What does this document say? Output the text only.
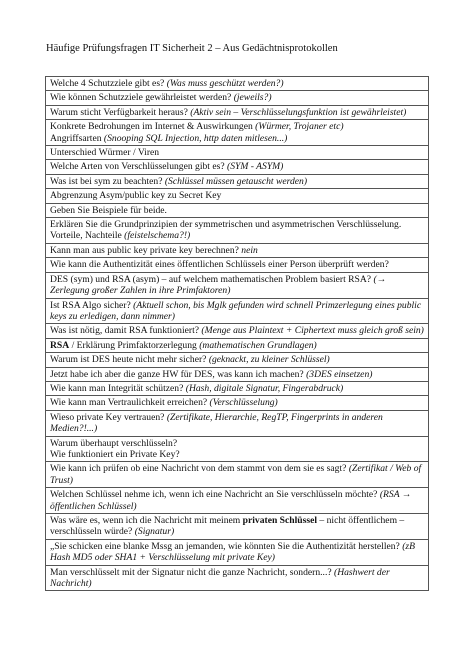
Häufige Prüfungsfragen IT Sicherheit 2 – Aus Gedächtnisprotokollen
Welche 4 Schutzziele gibt es? (Was muss geschützt werden?)
Wie können Schutzziele gewährleistet werden? (jeweils?)
Warum sticht Verfügbarkeit heraus? (Aktiv sein – Verschlüsselungsfunktion ist gewährleistet)
Konkrete Bedrohungen im Internet & Auswirkungen (Würmer, Trojaner etc)
Angriffsarten (Snooping SQL Injection, http daten mitlesen...)
Unterschied Würmer / Viren
Welche Arten von Verschlüsselungen gibt es? (SYM - ASYM)
Was ist bei sym zu beachten? (Schlüssel müssen getauscht werden)
Abgrenzung Asym/public key zu Secret Key
Geben Sie Beispiele für beide.
Erklären Sie die Grundprinzipien der symmetrischen und asymmetrischen Verschlüsselung. Vorteile, Nachteile (feistelschema?!)
Kann man aus public key private key berechnen? nein
Wie kann die Authentizität eines öffentlichen Schlüssels einer Person überprüft werden?
DES (sym) und RSA (asym) – auf welchem mathematischen Problem basiert RSA? (→ Zerlegung großer Zahlen in ihre Primfaktoren)
Ist RSA Algo sicher? (Aktuell schon, bis Mglk gefunden wird schnell Primzerlegung eines public keys zu erledigen, dann nimmer)
Was ist nötig, damit RSA funktioniert? (Menge aus Plaintext + Ciphertext muss gleich groß sein)
RSA / Erklärung Primfaktorzerlegung (mathematischen Grundlagen)
Warum ist DES heute nicht mehr sicher? (geknackt, zu kleiner Schlüssel)
Jetzt habe ich aber die ganze HW für DES, was kann ich machen? (3DES einsetzen)
Wie kann man Integrität schützen? (Hash, digitale Signatur, Fingerabdruck)
Wie kann man Vertraulichkeit erreichen? (Verschlüsselung)
Wieso private Key vertrauen? (Zertifikate, Hierarchie, RegTP, Fingerprints in anderen Medien?!...)
Warum überhaupt verschlüsseln?
Wie funktioniert ein Private Key?
Wie kann ich prüfen ob eine Nachricht von dem stammt von dem sie es sagt? (Zertifikat / Web of Trust)
Welchen Schlüssel nehme ich, wenn ich eine Nachricht an Sie verschlüsseln möchte? (RSA → öffentlichen Schlüssel)
Was wäre es, wenn ich die Nachricht mit meinem privaten Schlüssel – nicht öffentlichem – verschlüsseln würde? (Signatur)
„Sie schicken eine blanke Mssg an jemanden, wie könnten Sie die Authentizität herstellen? (zB Hash MD5 oder SHA1 + Verschlüsselung mit private Key)
Man verschlüsselt mit der Signatur nicht die ganze Nachricht, sondern...? (Hashwert der Nachricht)
